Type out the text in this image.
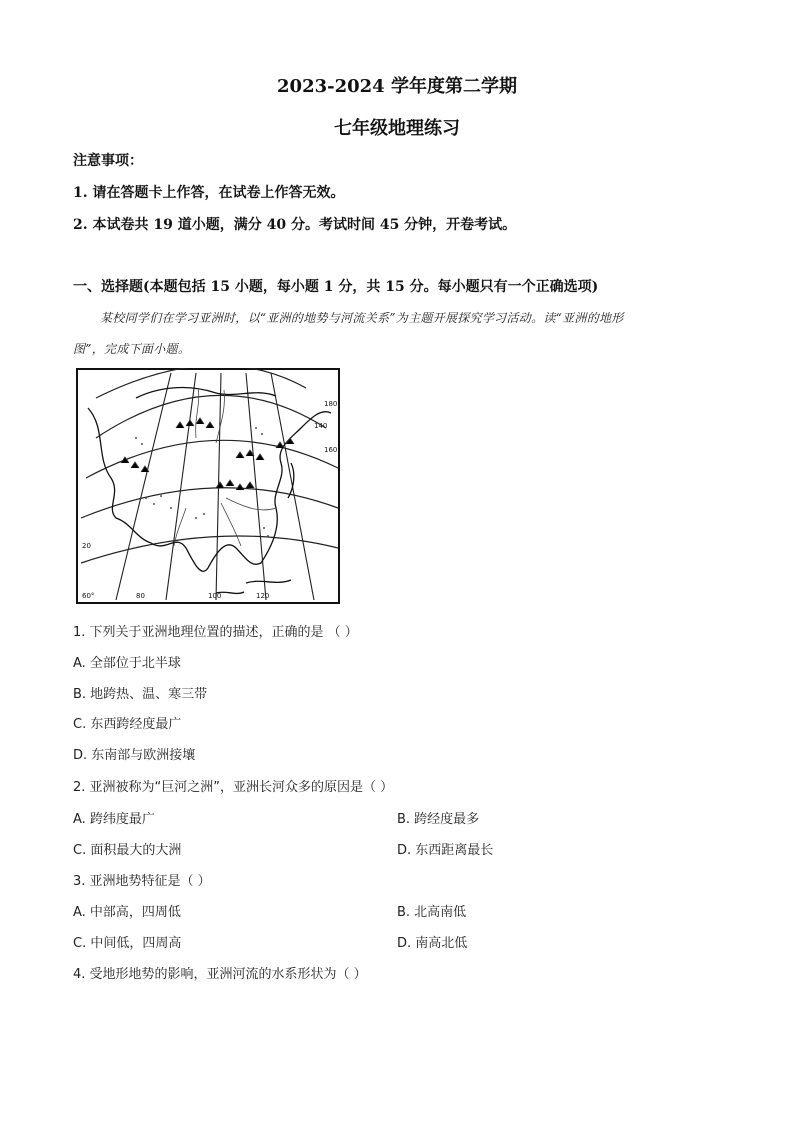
2023-2024 学年度第二学期
七年级地理练习
注意事项：
1. 请在答题卡上作答，在试卷上作答无效。
2. 本试卷共 19 道小题，满分 40 分。考试时间 45 分钟，开卷考试。
一、选择题(本题包括 15 小题，每小题 1 分，共 15 分。每小题只有一个正确选项)
某校同学们在学习亚洲时，以“亚洲的地势与河流关系”为主题开展探究学习活动。读“亚洲的地形
图”，完成下面小题。
60°	80	100	120
140
160
180
20
1. 下列关于亚洲地理位置的描述，正确的是 （ ）
A. 全部位于北半球
B. 地跨热、温、寒三带
C. 东西跨经度最广
D. 东南部与欧洲接壤
2. 亚洲被称为“巨河之洲”，亚洲长河众多的原因是（ ）
A. 跨纬度最广	B. 跨经度最多
C. 面积最大的大洲	D. 东西距离最长
3. 亚洲地势特征是（ ）
A. 中部高，四周低	B. 北高南低
C. 中间低，四周高	D. 南高北低
4. 受地形地势的影响，亚洲河流的水系形状为（ ）
